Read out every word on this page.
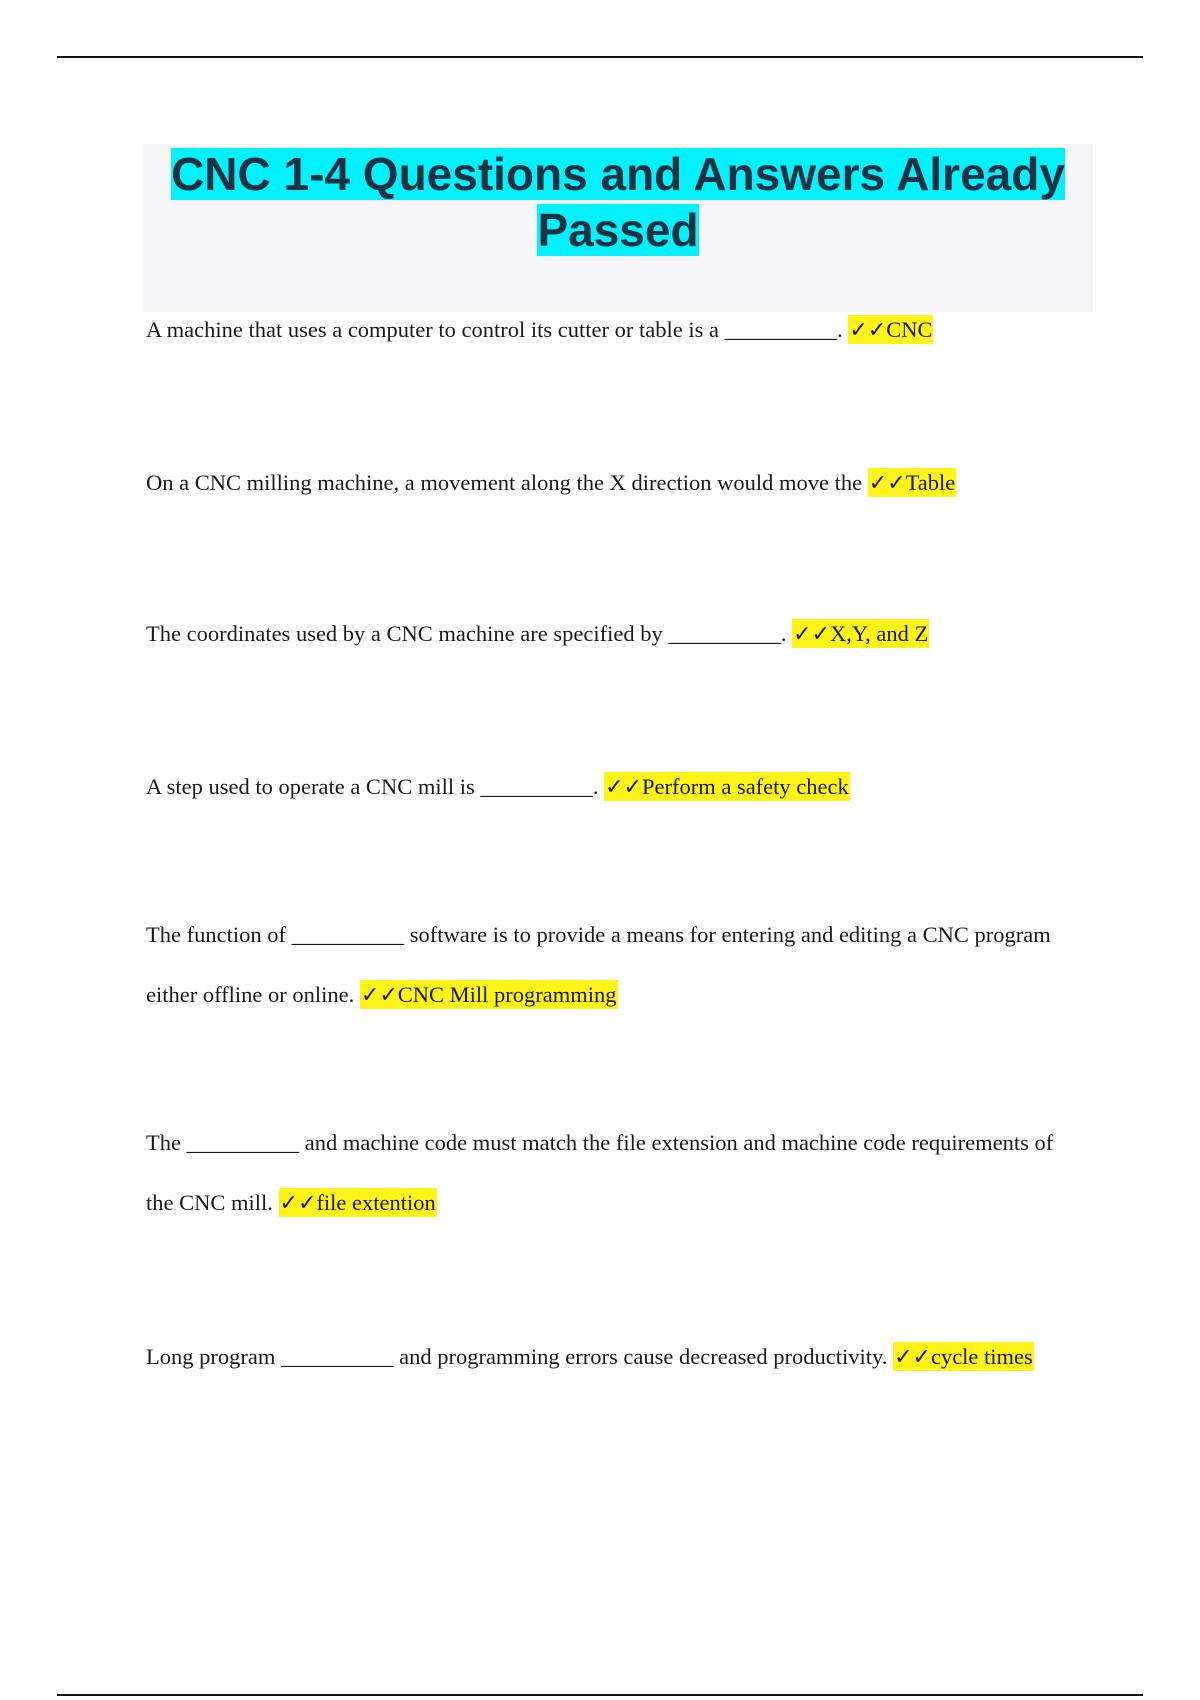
CNC 1-4 Questions and Answers Already Passed
A machine that uses a computer to control its cutter or table is a __________. ✓✓CNC
On a CNC milling machine, a movement along the X direction would move the ✓✓Table
The coordinates used by a CNC machine are specified by __________. ✓✓X,Y, and Z
A step used to operate a CNC mill is __________. ✓✓Perform a safety check
The function of __________ software is to provide a means for entering and editing a CNC program either offline or online. ✓✓CNC Mill programming
The __________ and machine code must match the file extension and machine code requirements of the CNC mill. ✓✓file extention
Long program __________ and programming errors cause decreased productivity. ✓✓cycle times
